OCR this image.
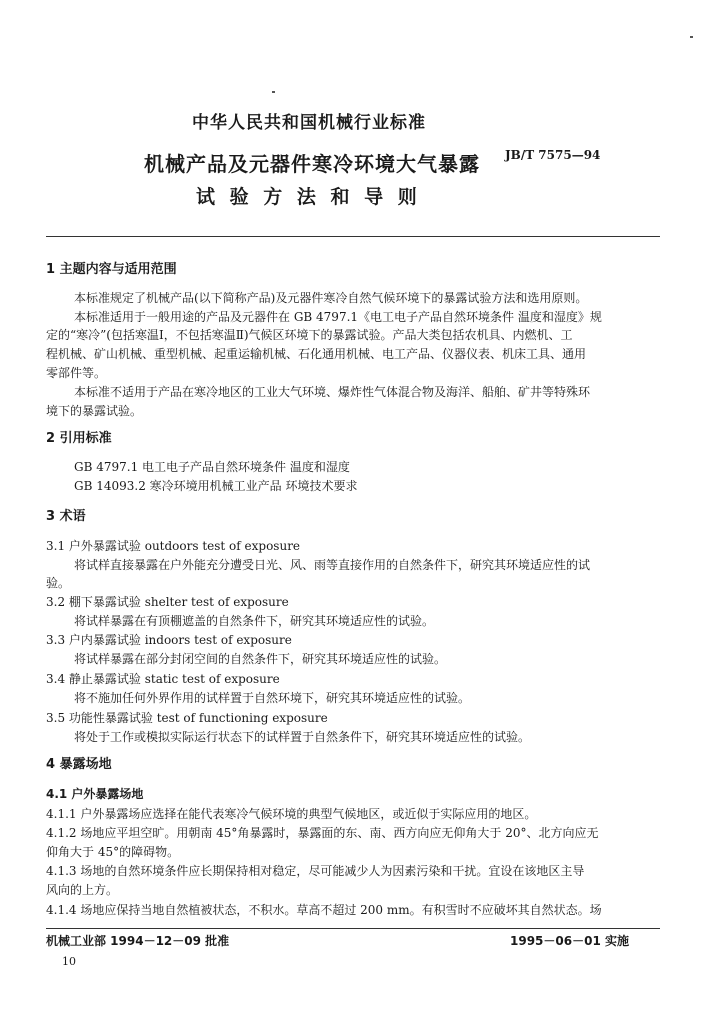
中华人民共和国机械行业标准
机械产品及元器件寒冷环境大气暴露 JB/T 7575—94
试 验 方 法 和 导 则
1 主题内容与适用范围
本标准规定了机械产品(以下简称产品)及元器件寒冷自然气候环境下的暴露试验方法和选用原则。
本标准适用于一般用途的产品及元器件在 GB 4797.1《电工电子产品自然环境条件 温度和湿度》规
定的“寒冷”(包括寒温Ⅰ，不包括寒温Ⅱ)气候区环境下的暴露试验。产品大类包括农机具、内燃机、工
程机械、矿山机械、重型机械、起重运输机械、石化通用机械、电工产品、仪器仪表、机床工具、通用
零部件等。
本标准不适用于产品在寒冷地区的工业大气环境、爆炸性气体混合物及海洋、船舶、矿井等特殊环
境下的暴露试验。
2 引用标准
GB 4797.1 电工电子产品自然环境条件 温度和湿度
GB 14093.2 寒冷环境用机械工业产品 环境技术要求
3 术语
3.1 户外暴露试验 outdoors test of exposure
将试样直接暴露在户外能充分遭受日光、风、雨等直接作用的自然条件下，研究其环境适应性的试
验。
3.2 棚下暴露试验 shelter test of exposure
将试样暴露在有顶棚遮盖的自然条件下，研究其环境适应性的试验。
3.3 户内暴露试验 indoors test of exposure
将试样暴露在部分封闭空间的自然条件下，研究其环境适应性的试验。
3.4 静止暴露试验 static test of exposure
将不施加任何外界作用的试样置于自然环境下，研究其环境适应性的试验。
3.5 功能性暴露试验 test of functioning exposure
将处于工作或模拟实际运行状态下的试样置于自然条件下，研究其环境适应性的试验。
4 暴露场地
4.1 户外暴露场地
4.1.1 户外暴露场应选择在能代表寒冷气候环境的典型气候地区，或近似于实际应用的地区。
4.1.2 场地应平坦空旷。用朝南 45°角暴露时，暴露面的东、南、西方向应无仰角大于 20°、北方向应无
仰角大于 45°的障碍物。
4.1.3 场地的自然环境条件应长期保持相对稳定，尽可能减少人为因素污染和干扰。宜设在该地区主导
风向的上方。
4.1.4 场地应保持当地自然植被状态，不积水。草高不超过 200 mm。有积雪时不应破坏其自然状态。场
机械工业部 1994－12－09 批准	1995－06－01 实施
10
